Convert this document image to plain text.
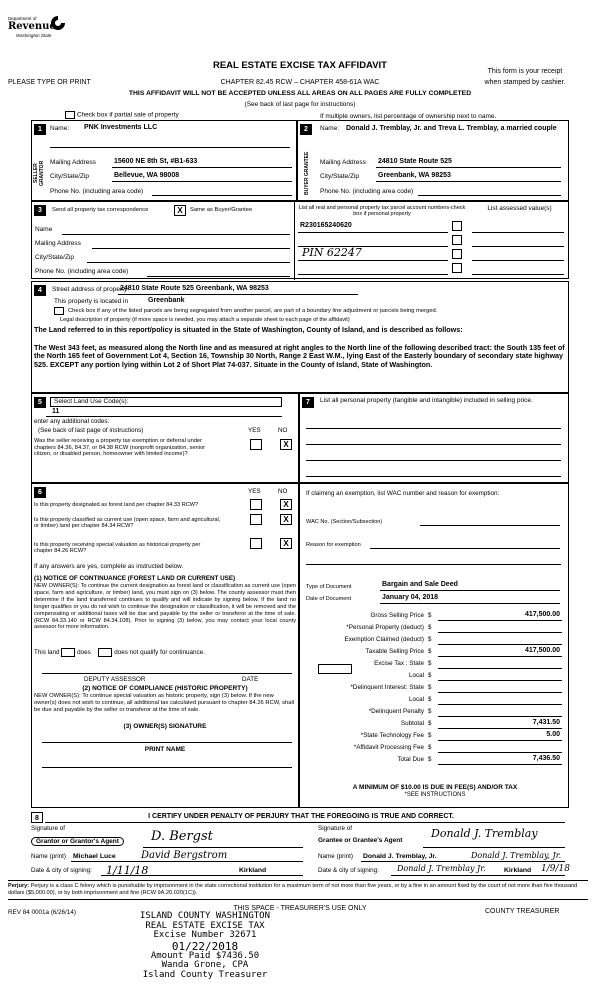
Department of
Revenue
Washington State
REAL ESTATE EXCISE TAX AFFIDAVIT
PLEASE TYPE OR PRINT	CHAPTER 82.45 RCW – CHAPTER 458-61A WAC
This form is your receipt
when stamped by cashier.
THIS AFFIDAVIT WILL NOT BE ACCEPTED UNLESS ALL AREAS ON ALL PAGES ARE FULLY COMPLETED
(See back of last page for instructions)
Check box if partial sale of property	If multiple owners, list percentage of ownership next to name.
1
SELLER GRANTOR
Name: PNK Investments LLC
Mailing Address	15600 NE 8th St, #B1-633
City/State/Zip	Bellevue, WA 98008
Phone No. (including area code)
2
BUYER GRANTEE
Name: Donald J. Tremblay, Jr. and Treva L. Tremblay, a married couple
Mailing Address 24810 State Route 525
City/State/Zip	Greenbank, WA 98253
Phone No. (including area code)
3	Send all property tax correspondence	X	Same as Buyer/Grantee
Name
Mailing Address
City/State/Zip
Phone No. (including area code)
List all real and personal property tax parcel account numbers-check box if personal property
List assessed value(s)
R230165240620
PIN 62247
4	Street address of property:
24810 State Route 525 Greenbank, WA 98253
This property is located in	Greenbank
Check box if any of the listed parcels are being segregated from another parcel, are part of a boundary line adjustment or parcels being merged.
Legal description of property (if more space is needed, you may attach a separate sheet to each page of the affidavit)
The Land referred to in this report/policy is situated in the State of Washington, County of Island, and is described as follows:
The West 343 feet, as measured along the North line and as measured at right angles to the North line of the following described tract: the South 135 feet of the North 165 feet of Government Lot 4, Section 16, Township 30 North, Range 2 East W.M., lying East of the Easterly boundary of secondary state highway 525. EXCEPT any portion lying within Lot 2 of Short Plat 74-037. Situate in the County of Island, State of Washington.
5	Select Land Use Code(s):
11
enter any additional codes:
(See back of last page of instructions)	YES	NO
Was the seller receiving a property tax exemption or deferral under chapters 84.36, 84.37, or 84.38 RCW (nonprofit organization, senior citizen, or disabled person, homeowner with limited income)?
X
7	List all personal property (tangible and intangible) included in selling price.
6	YES	NO
Is this property designated as forest land per chapter 84.33 RCW?	X
Is this property classified as current use (open space, farm and agricultural, or timber) land per chapter 84.34 RCW?
X
Is this property receiving special valuation as historical property per chapter 84.26 RCW?
X
If any answers are yes, complete as instructed below.
(1) NOTICE OF CONTINUANCE (FOREST LAND OR CURRENT USE)
NEW OWNER(S): To continue the current designation as forest land or classification as current use (open space, farm and agriculture, or timber) land, you must sign on (3) below. The county assessor must then determine if the land transferred continues to qualify and will indicate by signing below. If the land no longer qualifies or you do not wish to continue the designation or classification, it will be removed and the compensating or additional taxes will be due and payable by the seller or transferor at the time of sale. (RCW 84.33.140 or RCW 84.34.108). Prior to signing (3) below, you may contact your local county assessor for more information.
This land	does	does not qualify for continuance.
DEPUTY ASSESSOR	DATE
(2) NOTICE OF COMPLIANCE (HISTORIC PROPERTY)
NEW OWNER(S): To continue special valuation as historic property, sign (3) below. If the new owner(s) does not wish to continue, all additional tax calculated pursuant to chapter 84.26 RCW, shall be due and payable by the seller or transferor at the time of sale.
(3) OWNER(S) SIGNATURE
PRINT NAME
If claiming an exemption, list WAC number and reason for exemption:
WAC No. (Section/Subsection)
Reason for exemption
Type of Document	Bargain and Sale Deed
Date of Document	January 04, 2018
Gross Selling Price $	417,500.00
*Personal Property (deduct) $
Exemption Claimed (deduct) $
Taxable Selling Price $	417,500.00
Excise Tax : State $
Local $
*Delinquent Interest: State $
Local $
*Delinquent Penalty $
Subtotal $	7,431.50
*State Technology Fee $	5.00
*Affidavit Processing Fee $
Total Due $	7,436.50
A MINIMUM OF $10.00 IS DUE IN FEE(S) AND/OR TAX
*SEE INSTRUCTIONS
8	I CERTIFY UNDER PENALTY OF PERJURY THAT THE FOREGOING IS TRUE AND CORRECT.
Signature of
Grantor or Grantor's Agent	D. Bergst
Name (print) Michael Luce	David Bergstrom
Date & city of signing: 1/11/18	Kirkland
Signature of
Grantee or Grantee's Agent
Donald J. Tremblay
Name (print) Donald J. Tremblay, Jr.	Donald J. Tremblay, Jr.
Date & city of signing: Donald J. Tremblay Jr.	Kirkland 1/9/18
Perjury: Perjury is a class C felony which is punishable by imprisonment in the state correctional institution for a maximum term of not more than five years, or by a fine in an amount fixed by the court of not more than five thousand dollars ($5,000.00), or by both imprisonment and fine (RCW 9A.20.020(1C)).
REV 84 0001a (6/26/14)
THIS SPACE - TREASURER'S USE ONLY	COUNTY TREASURER
ISLAND COUNTY WASHINGTON
REAL ESTATE EXCISE TAX
Excise Number 32671
01/22/2018
Amount Paid $7436.50
Wanda Grone, CPA
Island County Treasurer
